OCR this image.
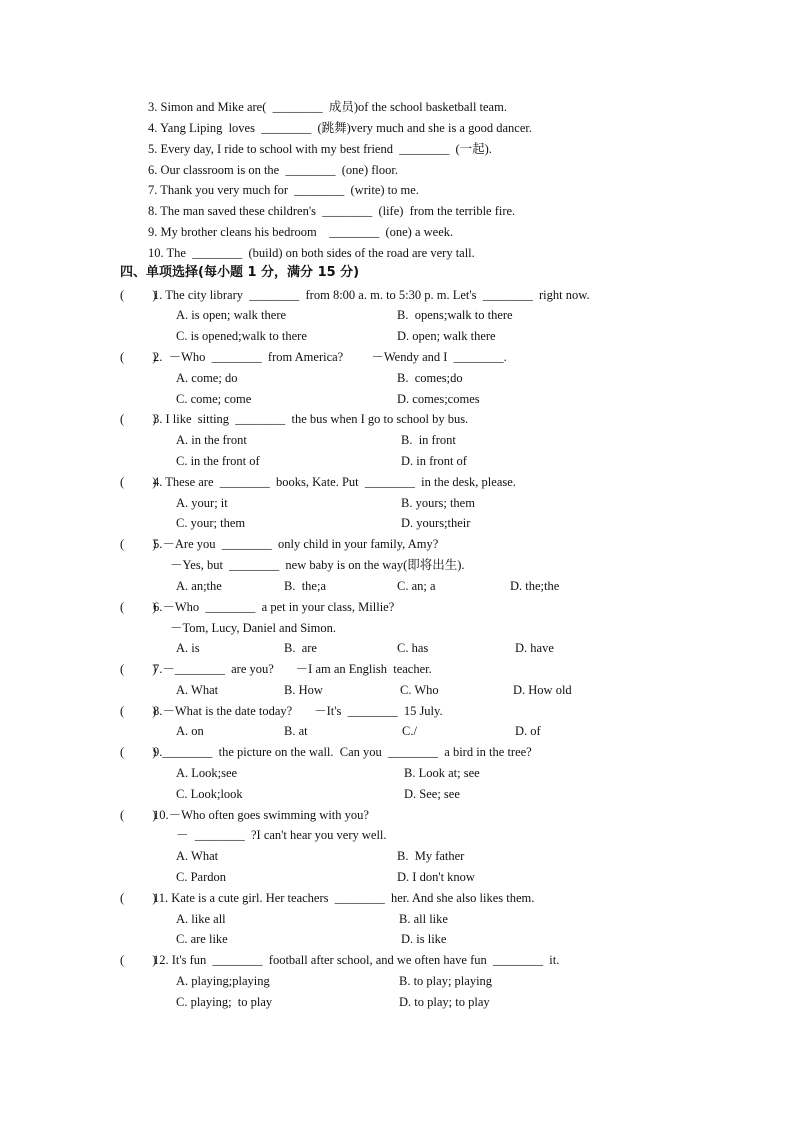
3. Simon and Mike are(  ________  成员)of the school basketball team.
4. Yang Liping  loves  ________  (跳舞)very much and she is a good dancer.
5. Every day, I ride to school with my best friend  ________  (一起).
6. Our classroom is on the  ________  (one) floor.
7. Thank you very much for  ________  (write) to me.
8. The man saved these children's  ________  (life)  from the terrible fire.
9. My brother cleans his bedroom    ________  (one) a week.
10. The  ________  (build) on both sides of the road are very tall.
四、单项选择(每小题 1 分，满分 15 分)
(         )
1. The city library  ________  from 8:00 a. m. to 5:30 p. m. Let's  ________  right now.
A. is open; walk there	B.  opens;walk to there
C. is opened;walk to there	D. open; walk there
(         )
2.  －Who  ________  from America?         －Wendy and I  ________.
A. come; do	B.  comes;do
C. come; come	D. comes;comes
(         )
3. I like  sitting  ________  the bus when I go to school by bus.
A. in the front	B.  in front
C. in the front of	D. in front of
(         )
4. These are  ________  books, Kate. Put  ________  in the desk, please.
A. your; it	B. yours; them
C. your; them	D. yours;their
(         )
5.－Are you  ________  only child in your family, Amy?
－Yes, but  ________  new baby is on the way(即将出生).
A. an;the	B.  the;a	C. an; a	D. the;the
(         )
6.－Who  ________  a pet in your class, Millie?
－Tom, Lucy, Daniel and Simon.
A. is	B.  are	C. has	D. have
(         )
7.－________  are you?       －I am an English  teacher.
A. What	B. How	C. Who	D. How old
(         )
8.－What is the date today?       －It's  ________  15 July.
A. on	B. at	C./	D. of
(         )
9.________  the picture on the wall.  Can you  ________  a bird in the tree?
A. Look;see	B. Look at; see
C. Look;look	D. See; see
(         )
10.－Who often goes swimming with you?
－  ________  ?I can't hear you very well.
A. What	B.  My father
C. Pardon	D. I don't know
(         )
11. Kate is a cute girl. Her teachers  ________  her. And she also likes them.
A. like all	B. all like
C. are like	D. is like
(         )
12. It's fun  ________  football after school, and we often have fun  ________  it.
A. playing;playing	B. to play; playing
C. playing;  to play	D. to play; to play
